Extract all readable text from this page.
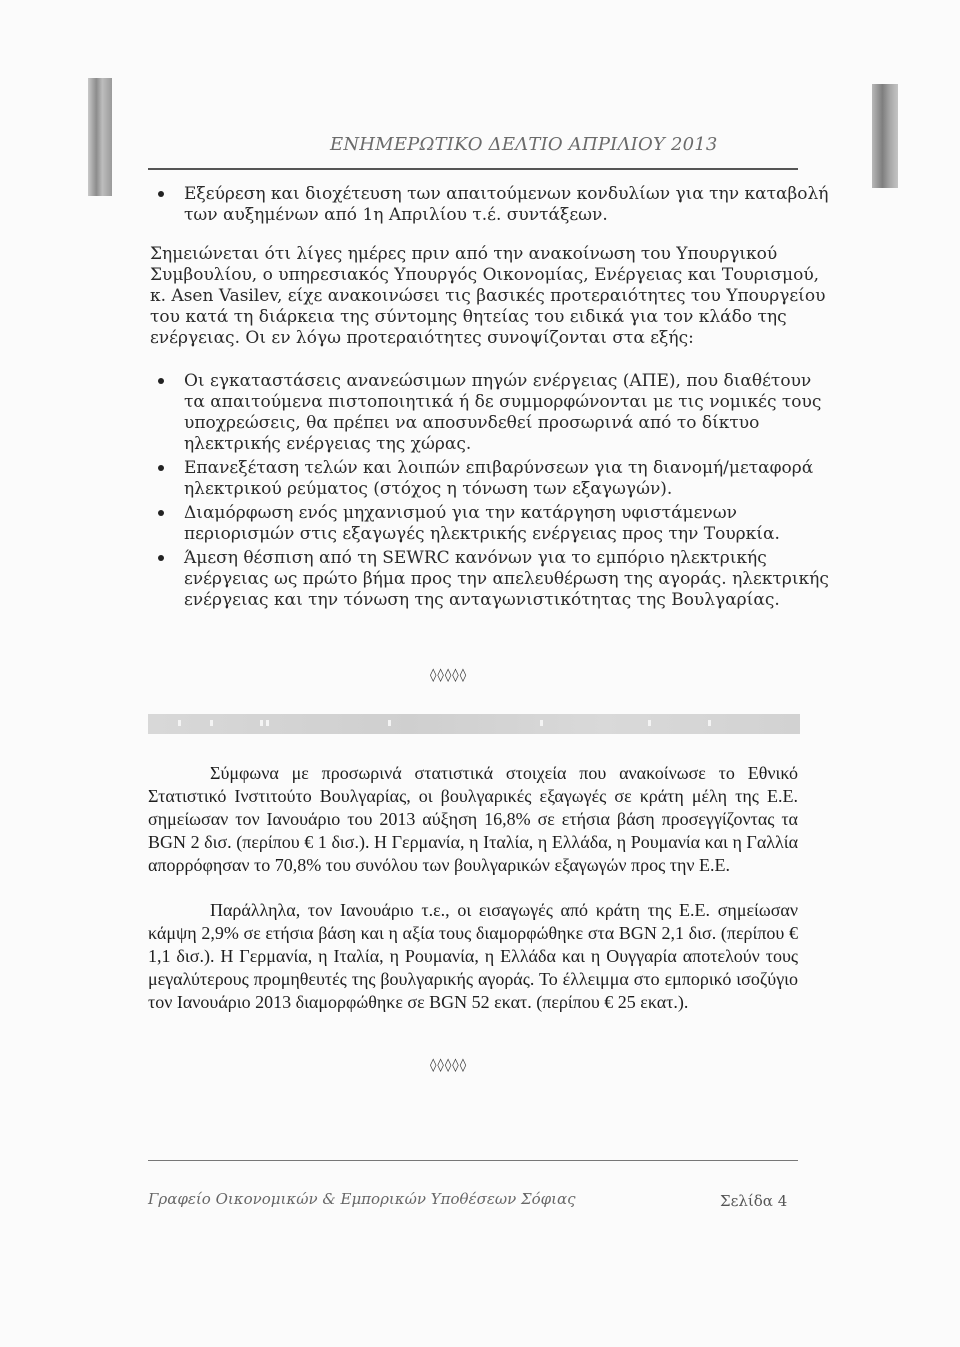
ΕΝΗΜΕΡΩΤΙΚΟ ΔΕΛΤΙΟ ΑΠΡΙΛΙΟΥ 2013
Εξεύρεση και διοχέτευση των απαιτούμενων κονδυλίων για την καταβολή των αυξημένων από 1η Απριλίου τ.έ. συντάξεων.

Σημειώνεται ότι λίγες ημέρες πριν από την ανακοίνωση του Υπουργικού Συμβουλίου, ο υπηρεσιακός Υπουργός Οικονομίας, Ενέργειας και Τουρισμού, κ. Asen Vasilev, είχε ανακοινώσει τις βασικές προτεραιότητες του Υπουργείου του κατά τη διάρκεια της σύντομης θητείας του ειδικά για τον κλάδο της ενέργειας. Οι εν λόγω προτεραιότητες συνοψίζονται στα εξής:

Οι εγκαταστάσεις ανανεώσιμων πηγών ενέργειας (ΑΠΕ), που διαθέτουν τα απαιτούμενα πιστοποιητικά ή δε συμμορφώνονται με τις νομικές τους υποχρεώσεις, θα πρέπει να αποσυνδεθεί προσωρινά από το δίκτυο ηλεκτρικής ενέργειας της χώρας.
Επανεξέταση τελών και λοιπών επιβαρύνσεων για τη διανομή/μεταφορά ηλεκτρικού ρεύματος (στόχος η τόνωση των εξαγωγών).
Διαμόρφωση ενός μηχανισμού για την κατάργηση υφιστάμενων περιορισμών στις εξαγωγές ηλεκτρικής ενέργειας προς την Τουρκία.
Άμεση θέσπιση από τη SEWRC κανόνων για το εμπόριο ηλεκτρικής ενέργειας ως πρώτο βήμα προς την απελευθέρωση της αγοράς. ηλεκτρικής ενέργειας και την τόνωση της ανταγωνιστικότητας της Βουλγαρίας.
◊◊◊◊◊

Σύμφωνα με προσωρινά στατιστικά στοιχεία που ανακοίνωσε το Εθνικό Στατιστικό Ινστιτούτο Βουλγαρίας, οι βουλγαρικές εξαγωγές σε κράτη μέλη της Ε.Ε. σημείωσαν τον Ιανουάριο του 2013 αύξηση 16,8% σε ετήσια βάση προσεγγίζοντας τα BGN 2 δισ. (περίπου € 1 δισ.). Η Γερμανία, η Ιταλία, η Ελλάδα, η Ρουμανία και η Γαλλία απορρόφησαν το 70,8% του συνόλου των βουλγαρικών εξαγωγών προς την Ε.Ε.

Παράλληλα, τον Ιανουάριο τ.ε., οι εισαγωγές από κράτη της Ε.Ε. σημείωσαν κάμψη 2,9% σε ετήσια βάση και η αξία τους διαμορφώθηκε στα BGN 2,1 δισ. (περίπου € 1,1 δισ.). Η Γερμανία, η Ιταλία, η Ρουμανία, η Ελλάδα και η Ουγγαρία αποτελούν τους μεγαλύτερους προμηθευτές της βουλγαρικής αγοράς. Το έλλειμμα στο εμπορικό ισοζύγιο τον Ιανουάριο 2013 διαμορφώθηκε σε BGN 52 εκατ. (περίπου € 25 εκατ.).

◊◊◊◊◊
Γραφείο Οικονομικών & Εμπορικών Υποθέσεων Σόφιας	Σελίδα 4
